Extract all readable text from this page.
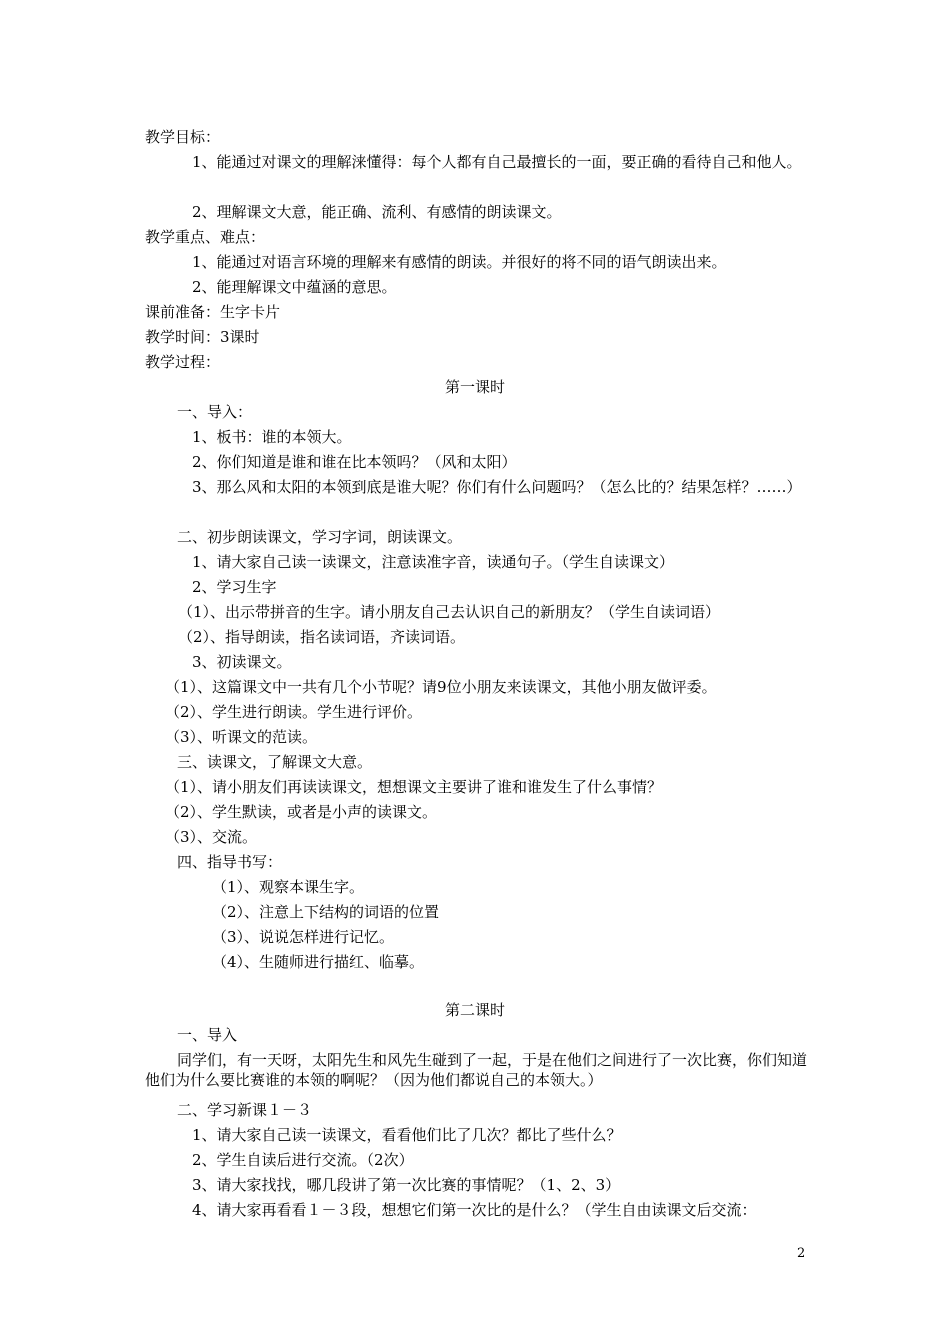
教学目标：
1、能通过对课文的理解涞懂得：每个人都有自己最擅长的一面，要正确的看待自己和他人。
2、理解课文大意，能正确、流利、有感情的朗读课文。
教学重点、难点：
1、能通过对语言环境的理解来有感情的朗读。并很好的将不同的语气朗读出来。
2、能理解课文中蕴涵的意思。
课前准备：生字卡片
教学时间：3课时
教学过程：
第一课时
一、导入：
1、板书：谁的本领大。
2、你们知道是谁和谁在比本领吗？（风和太阳）
3、那么风和太阳的本领到底是谁大呢？你们有什么问题吗？（怎么比的？结果怎样？……）
二、初步朗读课文，学习字词，朗读课文。
1、请大家自己读一读课文，注意读准字音，读通句子。（学生自读课文）
2、学习生字
（1）、出示带拼音的生字。请小朋友自己去认识自己的新朋友？（学生自读词语）
（2）、指导朗读，指名读词语，齐读词语。
3、初读课文。
（1）、这篇课文中一共有几个小节呢？请9位小朋友来读课文，其他小朋友做评委。
（2）、学生进行朗读。学生进行评价。
（3）、听课文的范读。
三、读课文，了解课文大意。
（1）、请小朋友们再读读课文，想想课文主要讲了谁和谁发生了什么事情？
（2）、学生默读，或者是小声的读课文。
（3）、交流。
四、指导书写：
（1）、观察本课生字。
（2）、注意上下结构的词语的位置
（3）、说说怎样进行记忆。
（4）、生随师进行描红、临摹。
第二课时
一、导入
同学们，有一天呀，太阳先生和风先生碰到了一起，于是在他们之间进行了一次比赛，你们知道他们为什么要比赛谁的本领的啊呢？（因为他们都说自己的本领大。）
二、学习新课１－３
1、请大家自己读一读课文，看看他们比了几次？都比了些什么？
2、学生自读后进行交流。（2次）
3、请大家找找，哪几段讲了第一次比赛的事情呢？（1、2、3）
4、请大家再看看１－３段，想想它们第一次比的是什么？（学生自由读课文后交流：
2
